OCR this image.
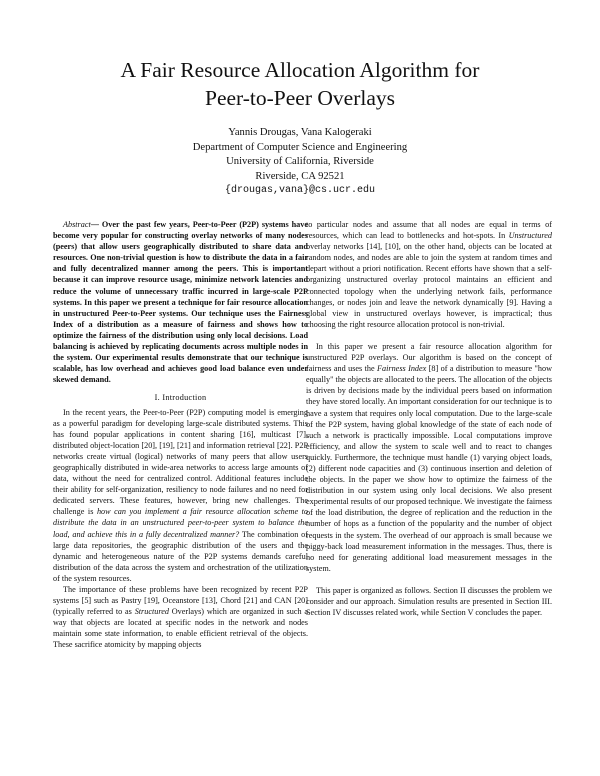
A Fair Resource Allocation Algorithm for
Peer-to-Peer Overlays
Yannis Drougas, Vana Kalogeraki
Department of Computer Science and Engineering
University of California, Riverside
Riverside, CA 92521
{drougas,vana}@cs.ucr.edu

Abstract— Over the past few years, Peer-to-Peer (P2P) systems have become very popular for constructing overlay networks of many nodes (peers) that allow users geographically distributed to share data and resources. One non-trivial question is how to distribute the data in a fair and fully decentralized manner among the peers. This is important because it can improve resource usage, minimize network latencies and reduce the volume of unnecessary traffic incurred in large-scale P2P systems. In this paper we present a technique for fair resource allocation in unstructured Peer-to-Peer systems. Our technique uses the Fairness Index of a distribution as a measure of fairness and shows how to optimize the fairness of the distribution using only local decisions. Load balancing is achieved by replicating documents across multiple nodes in the system. Our experimental results demonstrate that our technique is scalable, has low overhead and achieves good load balance even under skewed demand.

I. Introduction

In the recent years, the Peer-to-Peer (P2P) computing model is emerging as a powerful paradigm for developing large-scale distributed systems. This has found popular applications in content sharing [16], multicast [7], distributed object-location [20], [19], [21] and information retrieval [22]. P2P networks create virtual (logical) networks of many peers that allow users geographically distributed in wide-area networks to access large amounts of data, without the need for centralized control. Additional features include their ability for self-organization, resiliency to node failures and no need for dedicated servers. These features, however, bring new challenges. The challenge is how can you implement a fair resource allocation scheme to distribute the data in an unstructured peer-to-peer system to balance the load, and achieve this in a fully decentralized manner? The combination of large data repositories, the geographic distribution of the users and the dynamic and heterogeneous nature of the P2P systems demands careful distribution of the data across the system and orchestration of the utilization of the system resources.

The importance of these problems have been recognized by recent P2P systems [5] such as Pastry [19], Oceanstore [13], Chord [21] and CAN [20] (typically referred to as Structured Overlays) which are organized in such a way that objects are located at specific nodes in the network and nodes maintain some state information, to enable efficient retrieval of the objects. These sacrifice atomicity by mapping objects

to particular nodes and assume that all nodes are equal in terms of resources, which can lead to bottlenecks and hot-spots. In Unstructured overlay networks [14], [10], on the other hand, objects can be located at random nodes, and nodes are able to join the system at random times and depart without a priori notification. Recent efforts have shown that a self-organizing unstructured overlay protocol maintains an efficient and connected topology when the underlying network fails, performance changes, or nodes join and leave the network dynamically [9]. Having a global view in unstructured overlays however, is impractical; thus choosing the right resource allocation protocol is non-trivial.

In this paper we present a fair resource allocation algorithm for unstructured P2P overlays. Our algorithm is based on the concept of fairness and uses the Fairness Index [8] of a distribution to measure "how equally" the objects are allocated to the peers. The allocation of the objects is driven by decisions made by the individual peers based on information they have stored locally. An important consideration for our technique is to have a system that requires only local computation. Due to the large-scale of the P2P system, having global knowledge of the state of each node of such a network is practically impossible. Local computations improve efficiency, and allow the system to scale well and to react to changes quickly. Furthermore, the technique must handle (1) varying object loads, (2) different node capacities and (3) continuous insertion and deletion of the objects. In the paper we show how to optimize the fairness of the distribution in our system using only local decisions. We also present experimental results of our proposed technique. We investigate the fairness of the load distribution, the degree of replication and the reduction in the number of hops as a function of the popularity and the number of object requests in the system. The overhead of our approach is small because we piggy-back load measurement information in the messages. Thus, there is no need for generating additional load measurement messages in the system.

This paper is organized as follows. Section II discusses the problem we consider and our approach. Simulation results are presented in Section III. Section IV discusses related work, while Section V concludes the paper.
